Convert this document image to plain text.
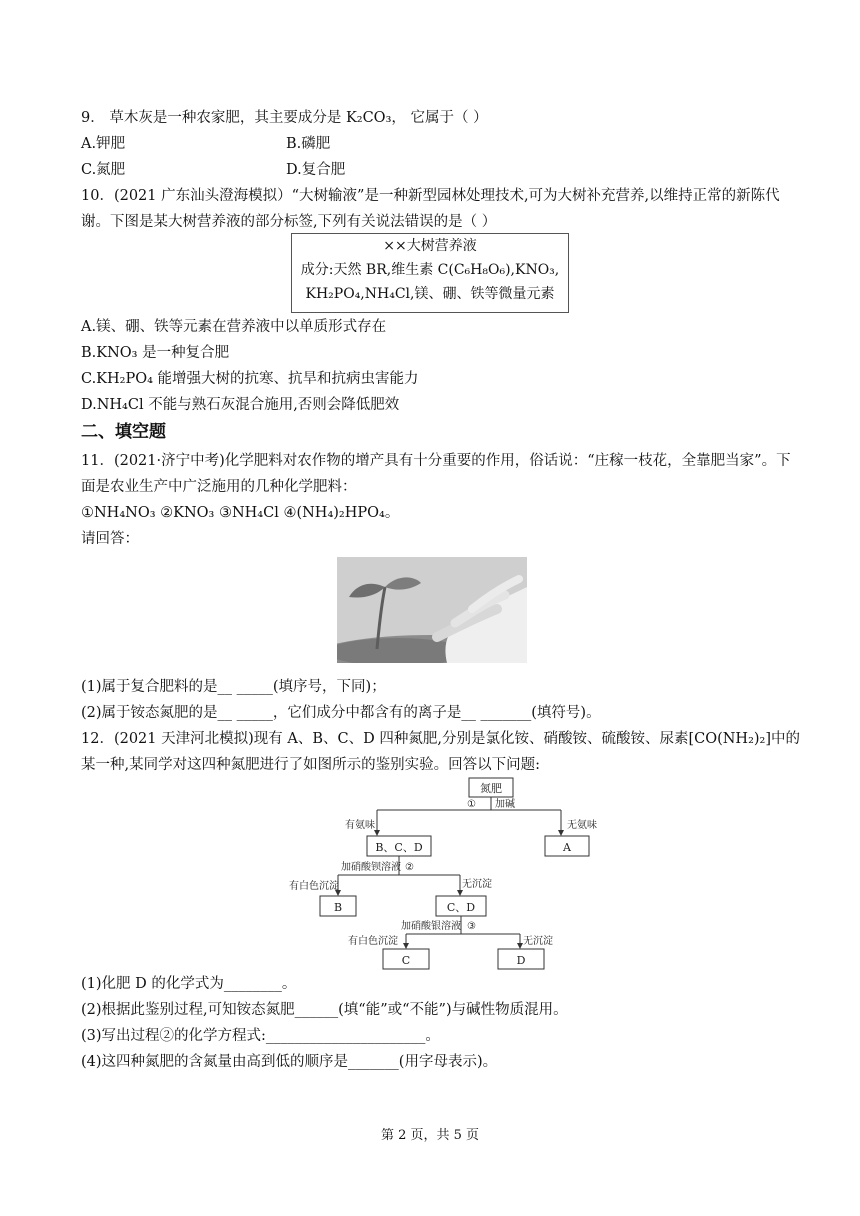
9． 草木灰是一种农家肥，其主要成分是 K₂CO₃， 它属于（ ）
A.钾肥	B.磷肥
C.氮肥	D.复合肥
10．(2021 广东汕头澄海模拟）“大树输液”是一种新型园林处理技术,可为大树补充营养,以维持正常的新陈代
谢。下图是某大树营养液的部分标签,下列有关说法错误的是（ ）
××大树营养液
成分:天然 BR,维生素 C(C₆H₈O₆),KNO₃,
KH₂PO₄,NH₄Cl,镁、硼、铁等微量元素
A.镁、硼、铁等元素在营养液中以单质形式存在
B.KNO₃ 是一种复合肥
C.KH₂PO₄ 能增强大树的抗寒、抗旱和抗病虫害能力
D.NH₄Cl 不能与熟石灰混合施用,否则会降低肥效
二、填空题
11．(2021·济宁中考)化学肥料对农作物的增产具有十分重要的作用，俗话说：“庄稼一枝花，全靠肥当家”。下
面是农业生产中广泛施用的几种化学肥料：
①NH₄NO₃ ②KNO₃ ③NH₄Cl ④(NH₄)₂HPO₄。
请回答：
(1)属于复合肥料的是__ _____(填序号，下同)；
(2)属于铵态氮肥的是__ _____，它们成分中都含有的离子是__ _______(填符号)。
12．(2021 天津河北模拟)现有 A、B、C、D 四种氮肥,分别是氯化铵、硝酸铵、硫酸铵、尿素[CO(NH₂)₂]中的
某一种,某同学对这四种氮肥进行了如图所示的鉴别实验。回答以下问题:
氮肥
① 加碱
有氨味	无氨味
B、C、D	A
加硝酸钡溶液 ②
有白色沉淀	无沉淀
B	C、D
加硝酸银溶液 ③
有白色沉淀	无沉淀
C	D
(1)化肥 D 的化学式为________。
(2)根据此鉴别过程,可知铵态氮肥______(填“能”或“不能”)与碱性物质混用。
(3)写出过程②的化学方程式:______________________。
(4)这四种氮肥的含氮量由高到低的顺序是_______(用字母表示)。
第 2 页，共 5 页
